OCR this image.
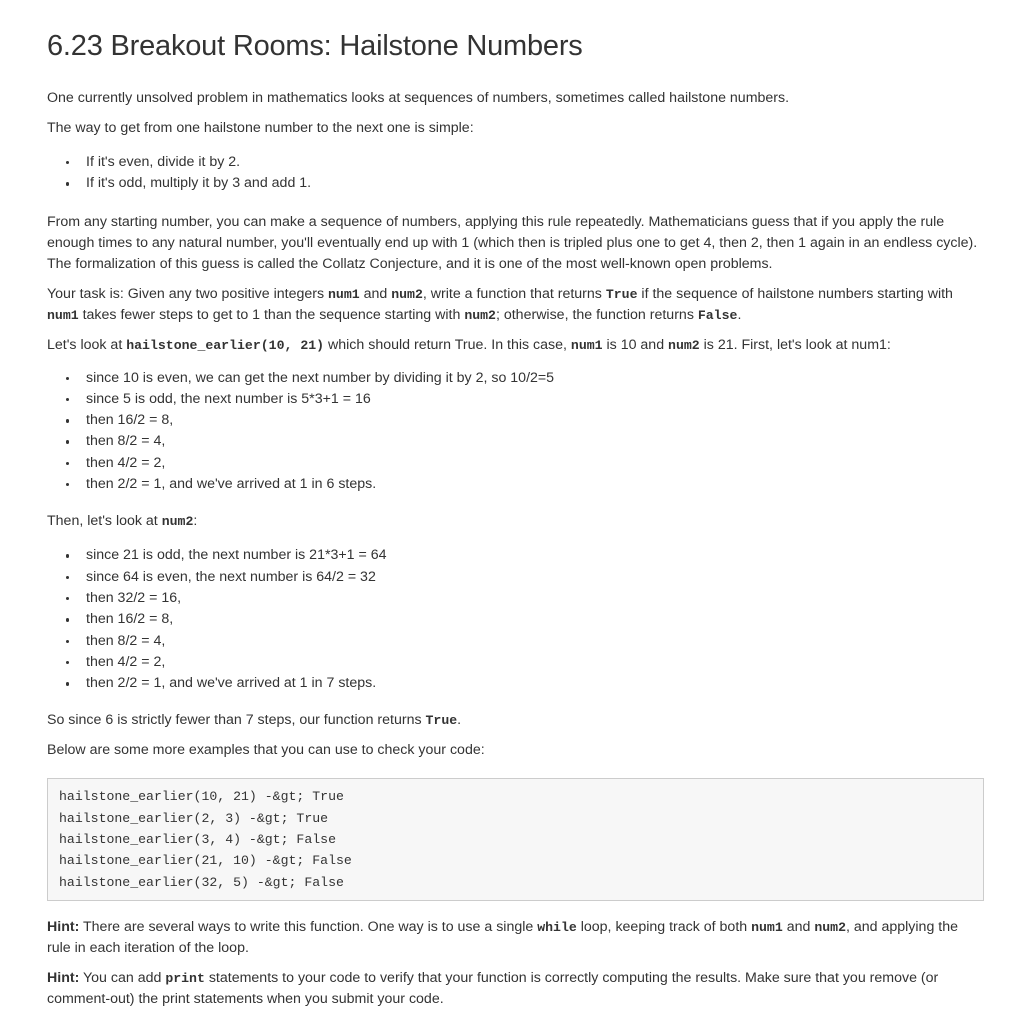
6.23 Breakout Rooms: Hailstone Numbers

One currently unsolved problem in mathematics looks at sequences of numbers, sometimes called hailstone numbers.

The way to get from one hailstone number to the next one is simple:

If it's even, divide it by 2.
If it's odd, multiply it by 3 and add 1.

From any starting number, you can make a sequence of numbers, applying this rule repeatedly. Mathematicians guess that if you apply the rule enough times to any natural number, you'll eventually end up with 1 (which then is tripled plus one to get 4, then 2, then 1 again in an endless cycle). The formalization of this guess is called the Collatz Conjecture, and it is one of the most well-known open problems.

Your task is: Given any two positive integers num1 and num2, write a function that returns True if the sequence of hailstone numbers starting with num1 takes fewer steps to get to 1 than the sequence starting with num2; otherwise, the function returns False.

Let's look at hailstone_earlier(10, 21) which should return True. In this case, num1 is 10 and num2 is 21. First, let's look at num1:

since 10 is even, we can get the next number by dividing it by 2, so 10/2=5
since 5 is odd, the next number is 5*3+1 = 16
then 16/2 = 8,
then 8/2 = 4,
then 4/2 = 2,
then 2/2 = 1, and we've arrived at 1 in 6 steps.

Then, let's look at num2:

since 21 is odd, the next number is 21*3+1 = 64
since 64 is even, the next number is 64/2 = 32
then 32/2 = 16,
then 16/2 = 8,
then 8/2 = 4,
then 4/2 = 2,
then 2/2 = 1, and we've arrived at 1 in 7 steps.

So since 6 is strictly fewer than 7 steps, our function returns True.

Below are some more examples that you can use to check your code:

hailstone_earlier(10, 21) -&gt; True
hailstone_earlier(2, 3) -&gt; True
hailstone_earlier(3, 4) -&gt; False
hailstone_earlier(21, 10) -&gt; False
hailstone_earlier(32, 5) -&gt; False

Hint: There are several ways to write this function. One way is to use a single while loop, keeping track of both num1 and num2, and applying the rule in each iteration of the loop.

Hint: You can add print statements to your code to verify that your function is correctly computing the results. Make sure that you remove (or comment-out) the print statements when you submit your code.
